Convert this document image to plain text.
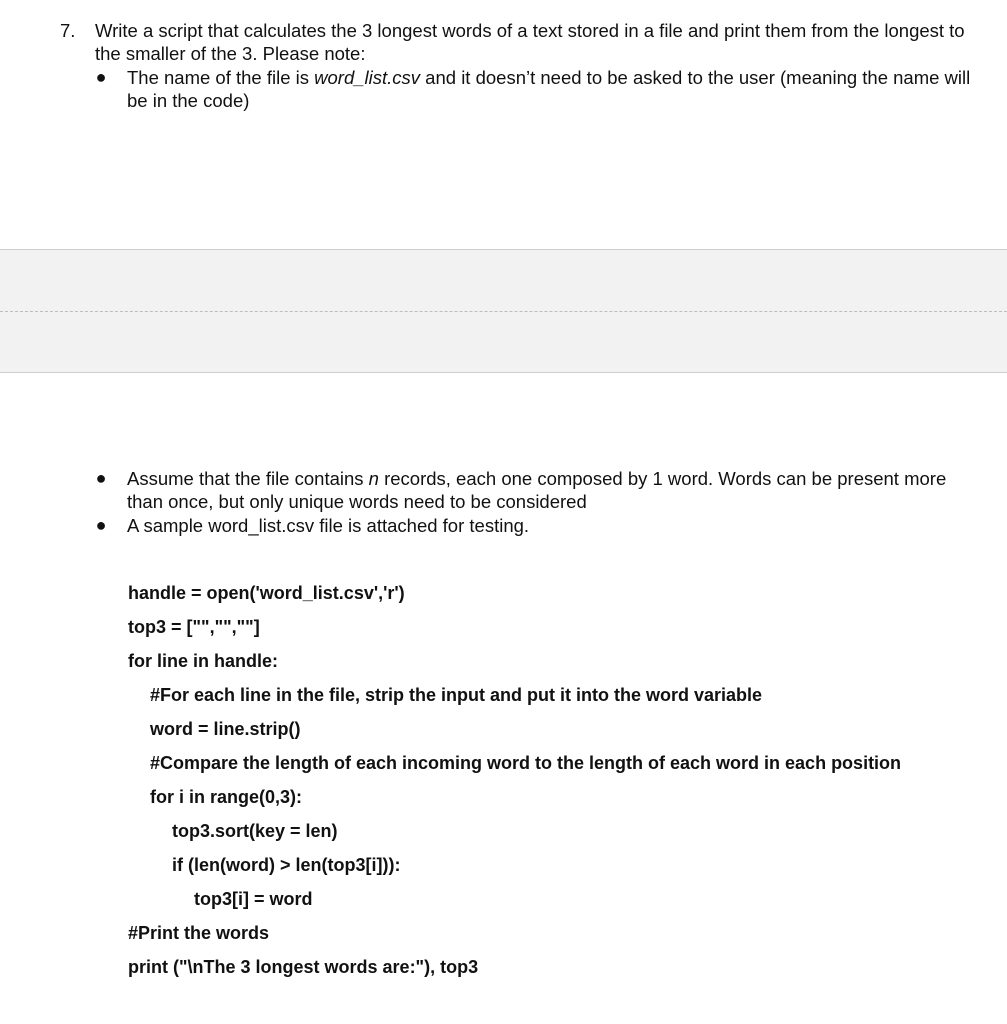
7. Write a script that calculates the 3 longest words of a text stored in a file and print them from the longest to the smaller of the 3. Please note:
● The name of the file is word_list.csv and it doesn’t need to be asked to the user (meaning the name will be in the code)
● Assume that the file contains n records, each one composed by 1 word. Words can be present more than once, but only unique words need to be considered
● A sample word_list.csv file is attached for testing.
handle = open('word_list.csv','r')
top3 = ["","",""]
for line in handle:
#For each line in the file, strip the input and put it into the word variable
word = line.strip()
#Compare the length of each incoming word to the length of each word in each position
for i in range(0,3):
top3.sort(key = len)
if (len(word) > len(top3[i])):
top3[i] = word
#Print the words
print ("\nThe 3 longest words are:"), top3
